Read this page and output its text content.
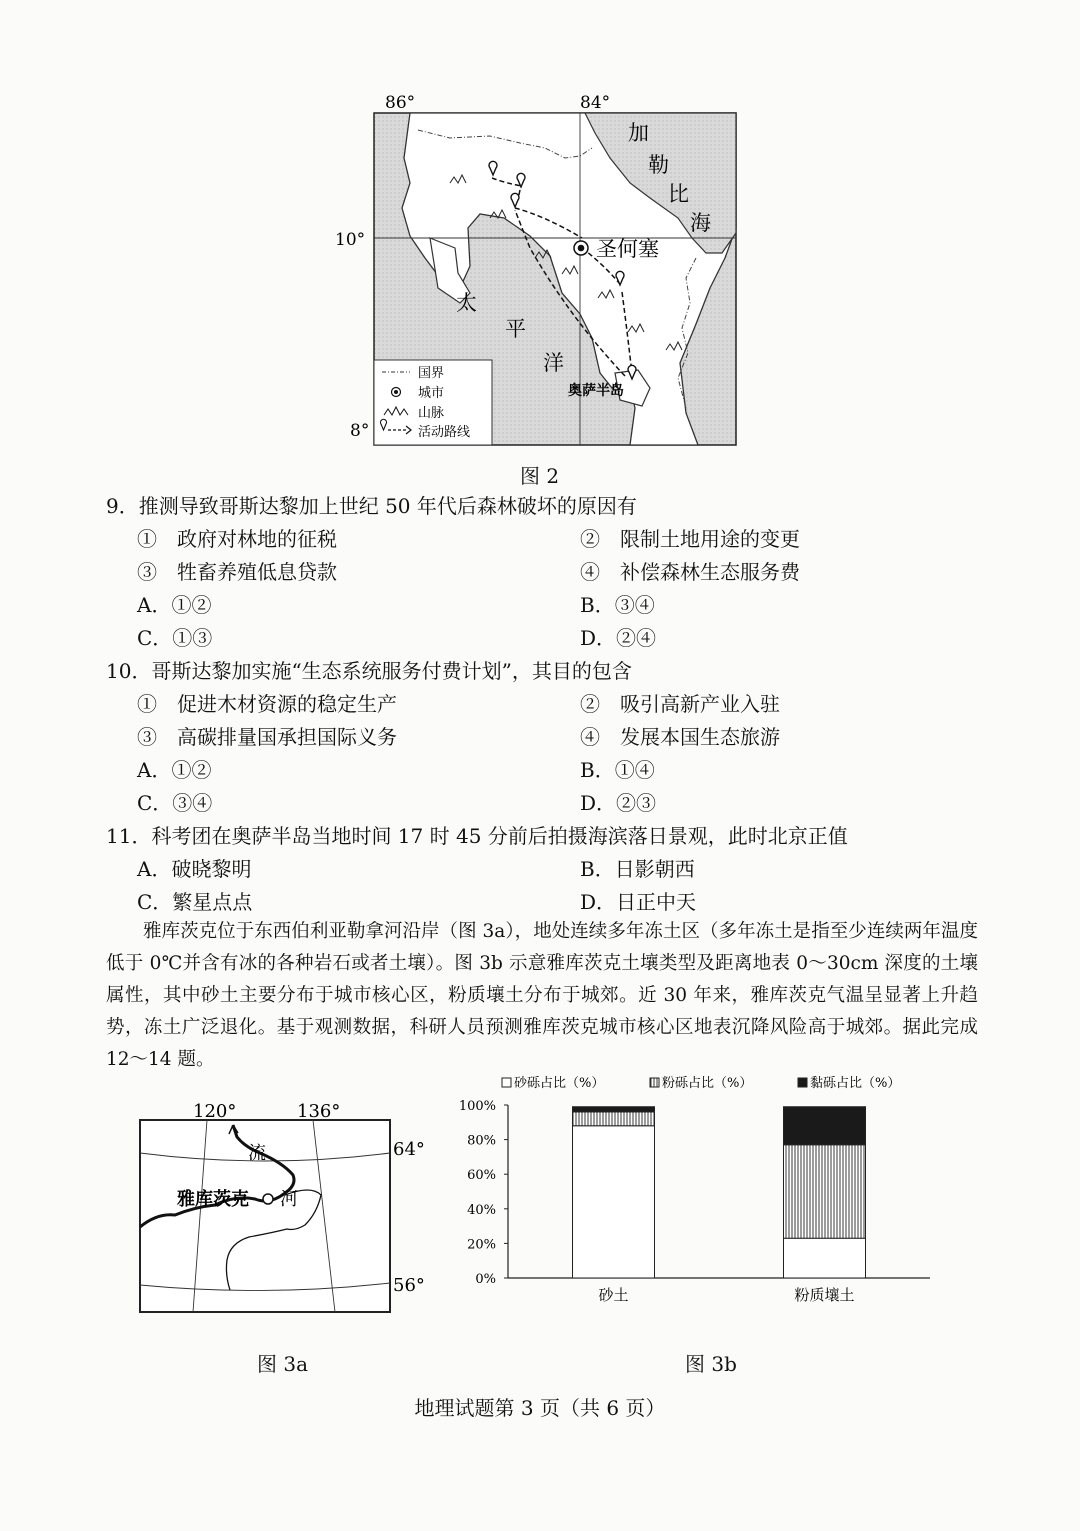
86°	84°
10°
8°
加
勒
比
海
太
平
洋
圣何塞
奥萨半岛
国界
城市
山脉
活动路线
图 2
9．推测导致哥斯达黎加上世纪 50 年代后森林破坏的原因有
①　政府对林地的征税	②　限制土地用途的变更
③　牲畜养殖低息贷款	④　补偿森林生态服务费
A．①②	B．③④
C．①③	D．②④
10．哥斯达黎加实施“生态系统服务付费计划”，其目的包含
①　促进木材资源的稳定生产	②　吸引高新产业入驻
③　高碳排量国承担国际义务	④　发展本国生态旅游
A．①②	B．①④
C．③④	D．②③
11．科考团在奥萨半岛当地时间 17 时 45 分前后拍摄海滨落日景观，此时北京正值
A．破晓黎明	B．日影朝西
C．繁星点点	D．日正中天
雅库茨克位于东西伯利亚勒拿河沿岸（图 3a），地处连续多年冻土区（多年冻土是指至少连续两年温度低于 0℃并含有冰的各种岩石或者土壤）。图 3b 示意雅库茨克土壤类型及距离地表 0～30cm 深度的土壤属性，其中砂土主要分布于城市核心区，粉质壤土分布于城郊。近 30 年来，雅库茨克气温呈显著上升趋势，冻土广泛退化。基于观测数据，科研人员预测雅库茨克城市核心区地表沉降风险高于城郊。据此完成 12～14 题。
120°	136°
64°
56°
流
河
雅库茨克
图 3a
0%
20%
40%
60%
80%
100%
砂土	粉质壤土
砂砾占比（%）	粉砾占比（%）	黏砾占比（%）
图 3b
地理试题第 3 页（共 6 页）
